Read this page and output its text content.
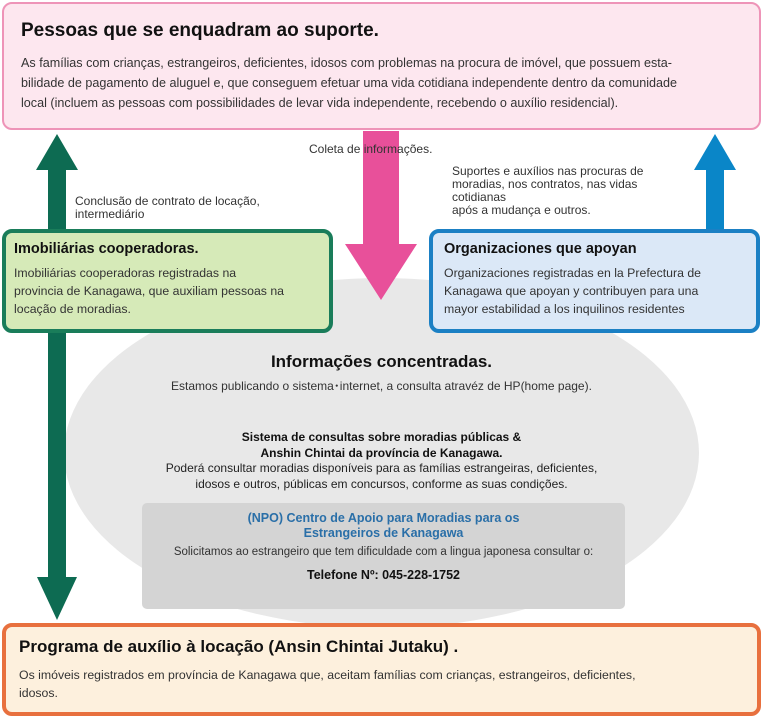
Pessoas que se enquadram ao suporte.
As famílias com crianças, estrangeiros, deficientes, idosos com problemas na procura de imóvel, que possuem esta-
bilidade de pagamento de aluguel e, que conseguem efetuar uma vida cotidiana independente dentro da comunidade
local (incluem as pessoas com possibilidades de levar vida independente, recebendo o auxílio residencial).
Coleta de informações.
Conclusão de contrato de locação,
intermediário
Suportes e auxílios nas procuras de
moradias, nos contratos, nas vidas
cotidianas
após a mudança e outros.
Imobiliárias cooperadoras.
Imobiliárias cooperadoras registradas na
provincia de Kanagawa, que auxiliam pessoas na
locação de moradias.
Organizaciones que apoyan
Organizaciones registradas en la Prefectura de
Kanagawa que apoyan y contribuyen para una
mayor estabilidad a los inquilinos residentes
Informações concentradas.
Estamos publicando o sistema･internet, a consulta atravéz de HP(home page).
Sistema de consultas sobre moradias públicas &
Anshin Chintai da província de Kanagawa.
Poderá consultar moradias disponíveis para as famílias estrangeiras, deficientes,
idosos e outros, públicas em concursos, conforme as suas condições.
(NPO) Centro de Apoio para Moradias para os
Estrangeiros de Kanagawa
Solicitamos ao estrangeiro que tem dificuldade com a lingua japonesa consultar o:
Telefone Nº: 045-228-1752
Programa de auxílio à locação (Ansin Chintai Jutaku) .
Os imóveis registrados em província de Kanagawa que, aceitam famílias com crianças, estrangeiros, deficientes,
idosos.
